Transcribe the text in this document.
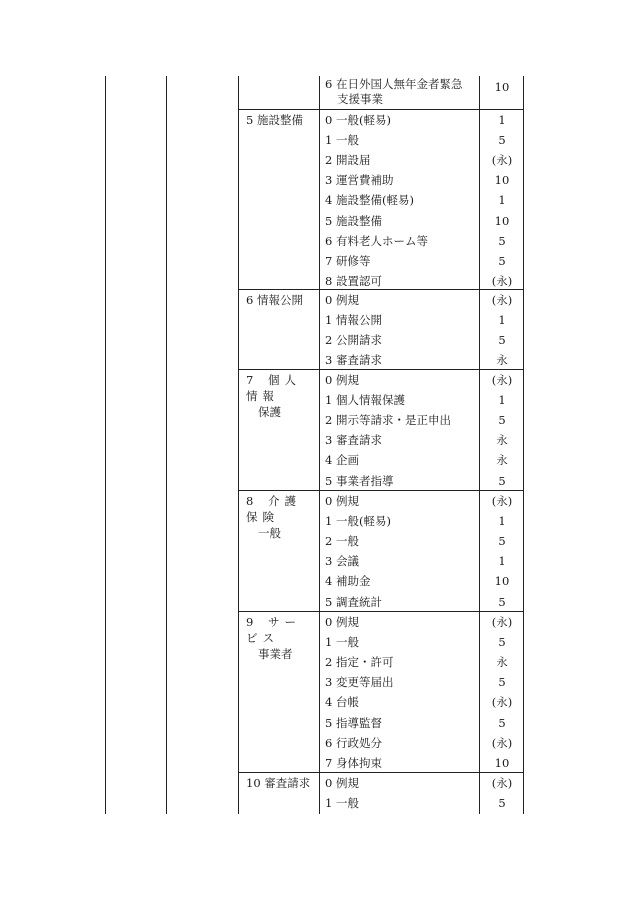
6 在日外国人無年金者緊急
支援事業
10
5 施設整備	0 一般(軽易)	1
1 一般	5
2 開設届	(永)
3 運営費補助	10
4 施設整備(軽易)	1
5 施設整備	10
6 有料老人ホーム等	5
7 研修等	5
8 設置認可	(永)
6 情報公開	0 例規	(永)
1 情報公開	1
2 公開請求	5
3 審査請求	永
7 個人情報
保護
0 例規	(永)
1 個人情報保護	1
2 開示等請求・是正申出	5
3 審査請求	永
4 企画	永
5 事業者指導	5
8 介護保険
一般
0 例規	(永)
1 一般(軽易)	1
2 一般	5
3 会議	1
4 補助金	10
5 調査統計	5
9 サービス
事業者
0 例規	(永)
1 一般	5
2 指定・許可	永
3 変更等届出	5
4 台帳	(永)
5 指導監督	5
6 行政処分	(永)
7 身体拘束	10
10 審査請求	0 例規	(永)
1 一般	5
